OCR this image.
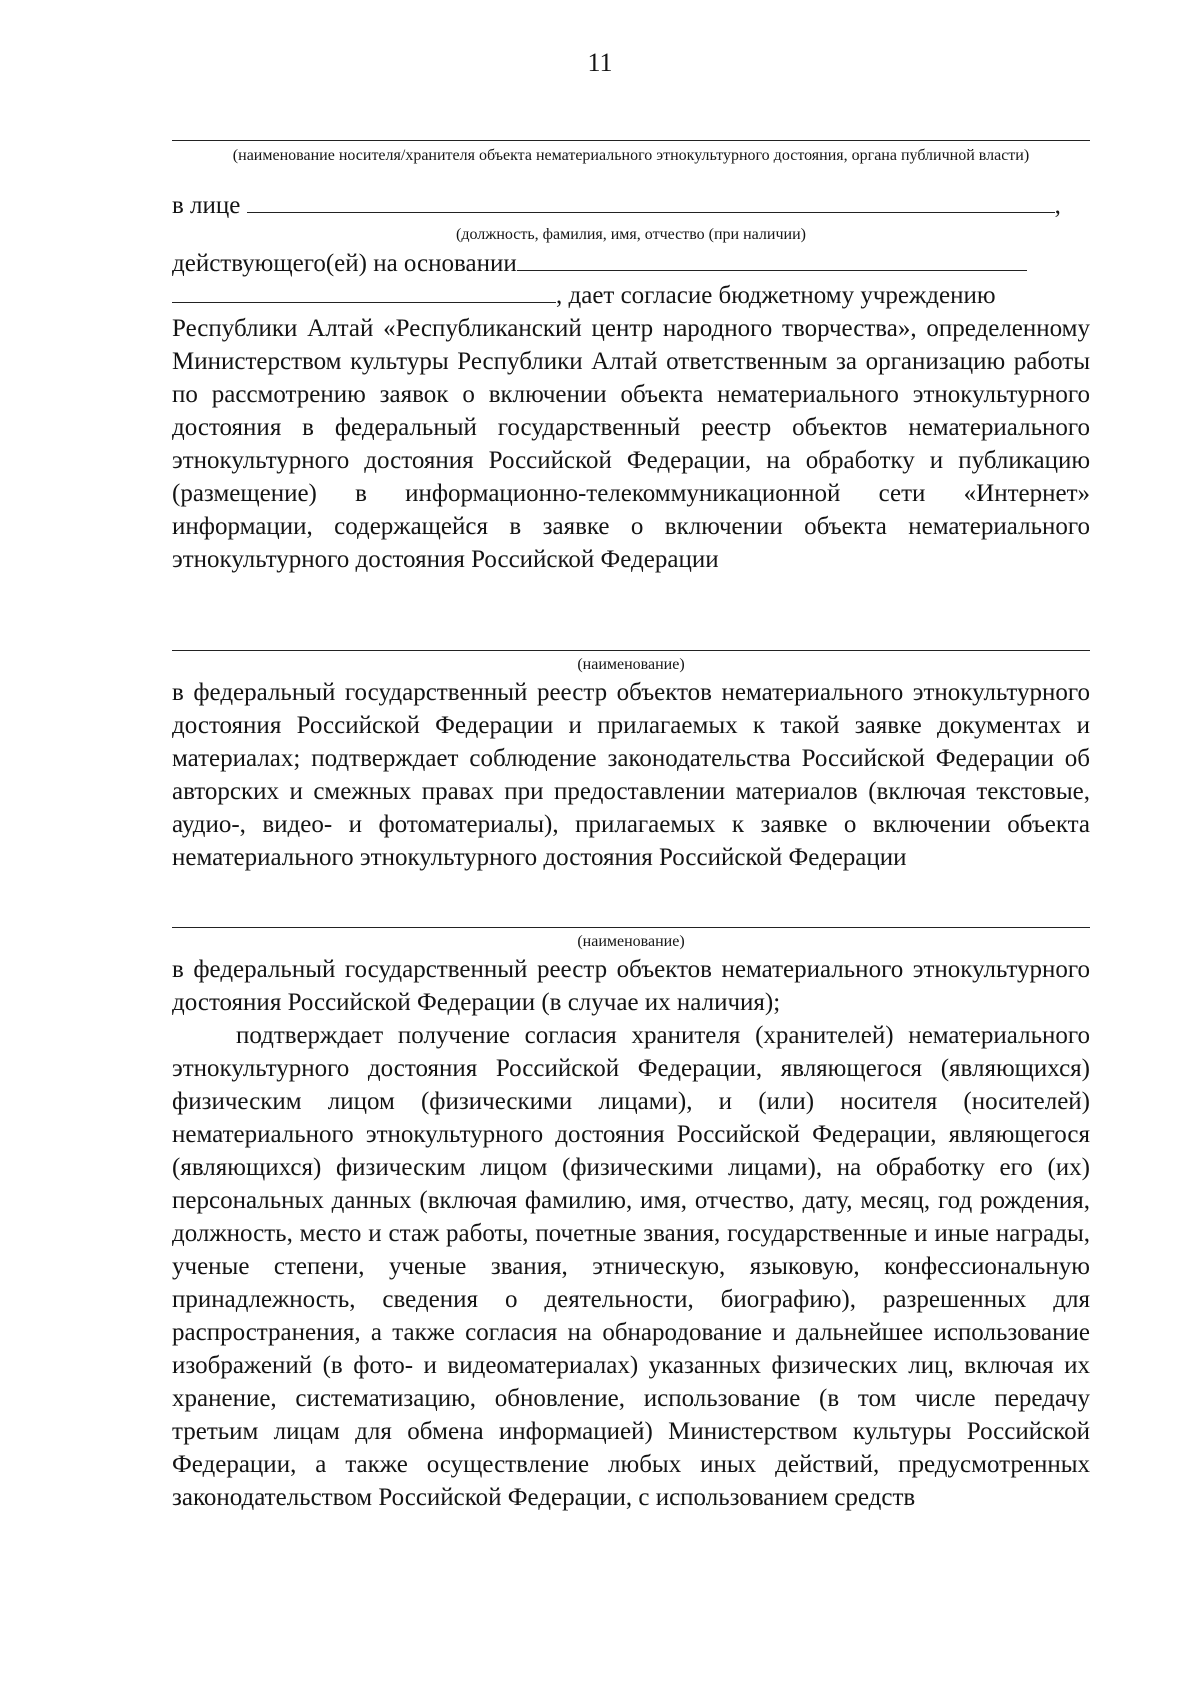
11
(наименование носителя/хранителя объекта нематериального этнокультурного достояния, органа публичной власти)
в лице	,
(должность, фамилия, имя, отчество (при наличии)
действующего(ей) на основании
, дает согласие бюджетному учреждению
Республики Алтай «Республиканский центр народного творчества», определенному Министерством культуры Республики Алтай ответственным за организацию работы по рассмотрению заявок о включении объекта нематериального этнокультурного достояния в федеральный государственный реестр объектов нематериального этнокультурного достояния Российской Федерации, на обработку и публикацию (размещение) в информационно-телекоммуникационной сети «Интернет» информации, содержащейся в заявке о включении объекта нематериального этнокультурного достояния Российской Федерации
(наименование)
в федеральный государственный реестр объектов нематериального этнокультурного достояния Российской Федерации и прилагаемых к такой заявке документах и материалах; подтверждает соблюдение законодательства Российской Федерации об авторских и смежных правах при предоставлении материалов (включая текстовые, аудио-, видео- и фотоматериалы), прилагаемых к заявке о включении объекта нематериального этнокультурного достояния Российской Федерации
(наименование)
в федеральный государственный реестр объектов нематериального этнокультурного достояния Российской Федерации (в случае их наличия);
подтверждает получение согласия хранителя (хранителей) нематериального этнокультурного достояния Российской Федерации, являющегося (являющихся) физическим лицом (физическими лицами), и (или) носителя (носителей) нематериального этнокультурного достояния Российской Федерации, являющегося (являющихся) физическим лицом (физическими лицами), на обработку его (их) персональных данных (включая фамилию, имя, отчество, дату, месяц, год рождения, должность, место и стаж работы, почетные звания, государственные и иные награды, ученые степени, ученые звания, этническую, языковую, конфессиональную принадлежность, сведения о деятельности, биографию), разрешенных для распространения, а также согласия на обнародование и дальнейшее использование изображений (в фото- и видеоматериалах) указанных физических лиц, включая их хранение, систематизацию, обновление, использование (в том числе передачу третьим лицам для обмена информацией) Министерством культуры Российской Федерации, а также осуществление любых иных действий, предусмотренных законодательством Российской Федерации, с использованием средств
